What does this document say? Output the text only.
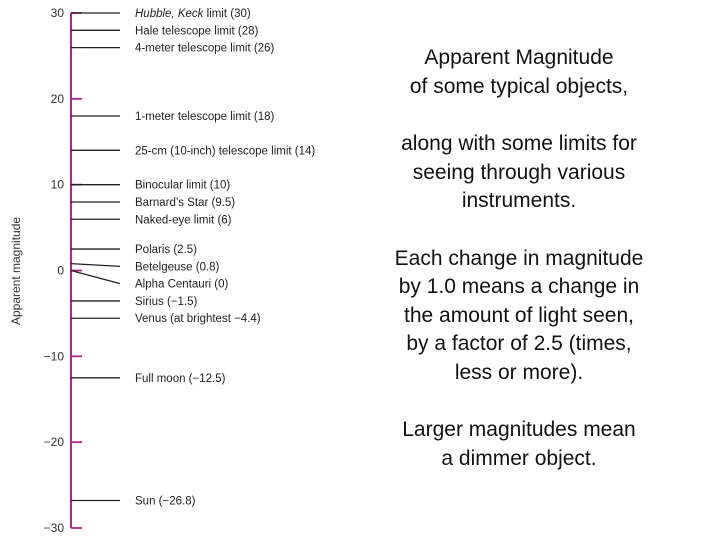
Apparent magnitude
30
20
10
0
−10
−20
−30
Hubble, Keck limit (30)
Hale telescope limit (28)
4-meter telescope limit (26)
1-meter telescope limit (18)
25-cm (10-inch) telescope limit (14)
Binocular limit (10)
Barnard’s Star (9.5)
Naked-eye limit (6)
Polaris (2.5)
Betelgeuse (0.8)
Alpha Centauri (0)
Sirius (−1.5)
Venus (at brightest −4.4)
Full moon (−12.5)
Sun (−26.8)

Apparent Magnitude
of some typical objects,

along with some limits for
seeing through various
instruments.

Each change in magnitude
by 1.0 means a change in
the amount of light seen,
by a factor of 2.5 (times,
less or more).

Larger magnitudes mean
a dimmer object.
